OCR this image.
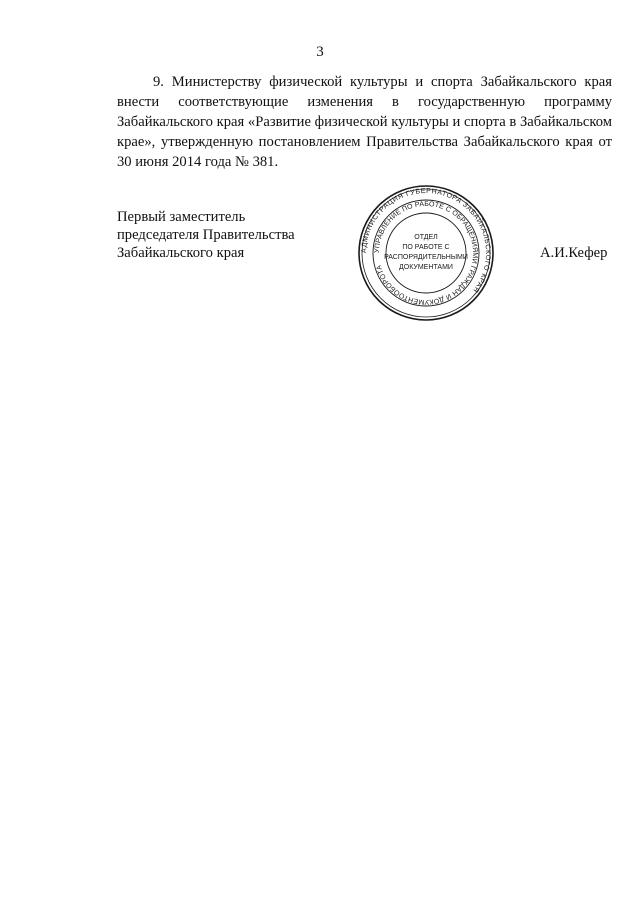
3

9. Министерству физической культуры и спорта Забайкальского края внести соответствующие изменения в государственную программу Забайкальского края «Развитие физической культуры и спорта в Забайкальском крае», утвержденную постановлением Правительства Забайкальского края от 30 июня 2014 года № 381.

Первый заместитель
председателя Правительства
Забайкальского края	АДМИНИСТРАЦИЯ ГУБЕРНАТОРА ЗАБАЙКАЛЬСКОГО КРАЯ
УПРАВЛЕНИЕ ПО РАБОТЕ С ОБРАЩЕНИЯМИ ГРАЖДАН И ДОКУМЕНТООБОРОТА
ОТДЕЛ
ПО РАБОТЕ С
РАСПОРЯДИТЕЛЬНЫМИ
ДОКУМЕНТАМИ
А.И.Кефер
